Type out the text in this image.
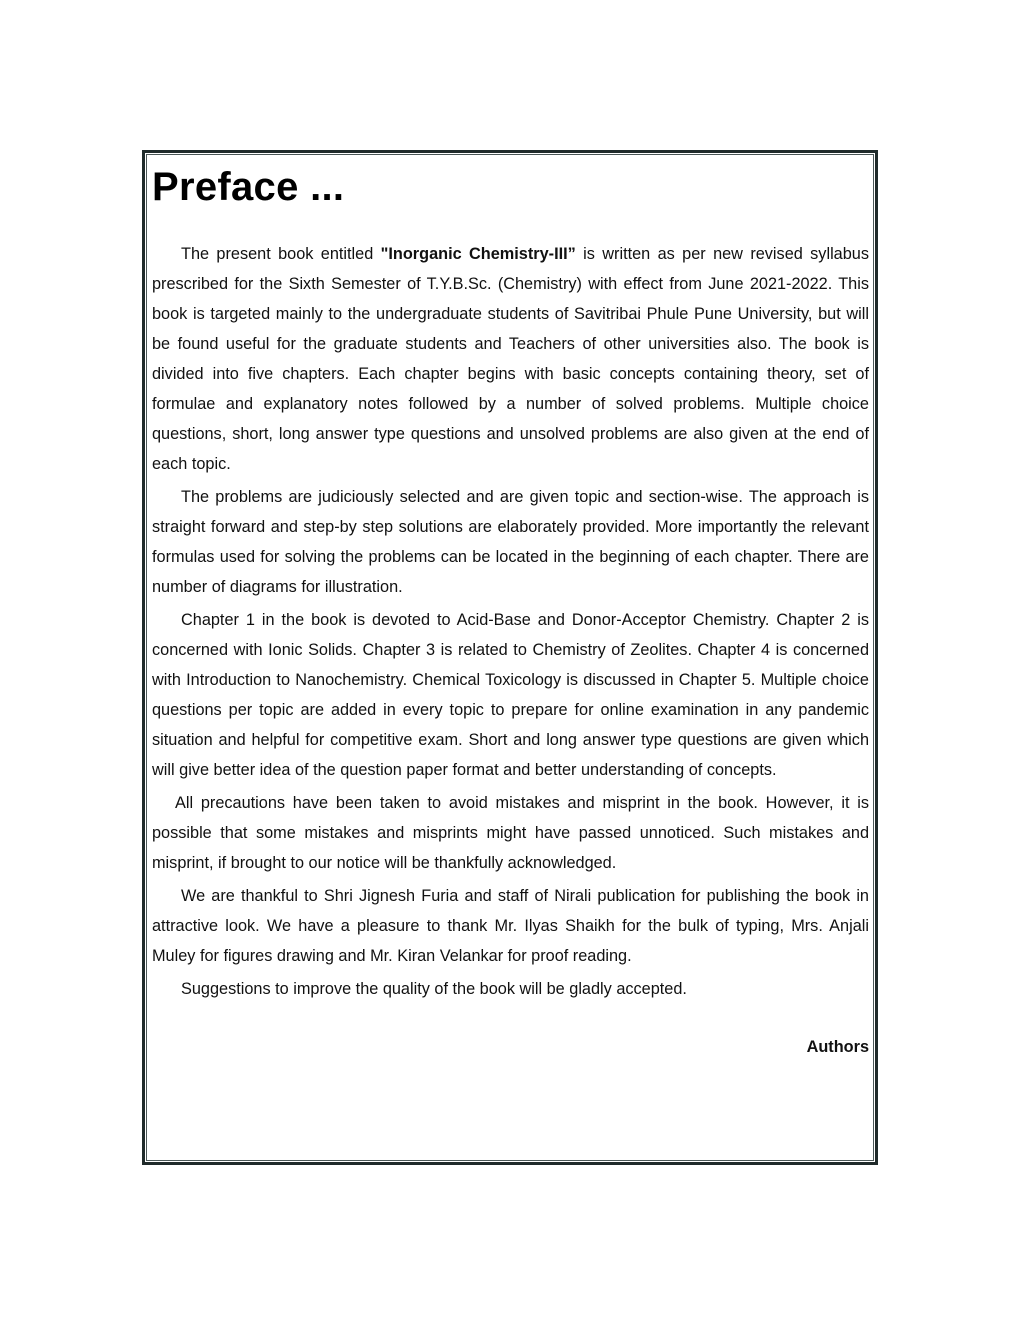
Preface ...

The present book entitled "Inorganic Chemistry-III” is written as per new revised syllabus prescribed for the Sixth Semester of T.Y.B.Sc. (Chemistry) with effect from June 2021-2022. This book is targeted mainly to the undergraduate students of Savitribai Phule Pune University, but will be found useful for the graduate students and Teachers of other universities also. The book is divided into five chapters. Each chapter begins with basic concepts containing theory, set of formulae and explanatory notes followed by a number of solved problems. Multiple choice questions, short, long answer type questions and unsolved problems are also given at the end of each topic.

The problems are judiciously selected and are given topic and section-wise. The approach is straight forward and step-by step solutions are elaborately provided. More importantly the relevant formulas used for solving the problems can be located in the beginning of each chapter. There are number of diagrams for illustration.

Chapter 1 in the book is devoted to Acid-Base and Donor-Acceptor Chemistry. Chapter 2 is concerned with Ionic Solids. Chapter 3 is related to Chemistry of Zeolites. Chapter 4 is concerned with Introduction to Nanochemistry. Chemical Toxicology is discussed in Chapter 5. Multiple choice questions per topic are added in every topic to prepare for online examination in any pandemic situation and helpful for competitive exam. Short and long answer type questions are given which will give better idea of the question paper format and better understanding of concepts.

All precautions have been taken to avoid mistakes and misprint in the book. However, it is possible that some mistakes and misprints might have passed unnoticed. Such mistakes and misprint, if brought to our notice will be thankfully acknowledged.

We are thankful to Shri Jignesh Furia and staff of Nirali publication for publishing the book in attractive look. We have a pleasure to thank Mr. Ilyas Shaikh for the bulk of typing, Mrs. Anjali Muley for figures drawing and Mr. Kiran Velankar for proof reading.

Suggestions to improve the quality of the book will be gladly accepted.

Authors
